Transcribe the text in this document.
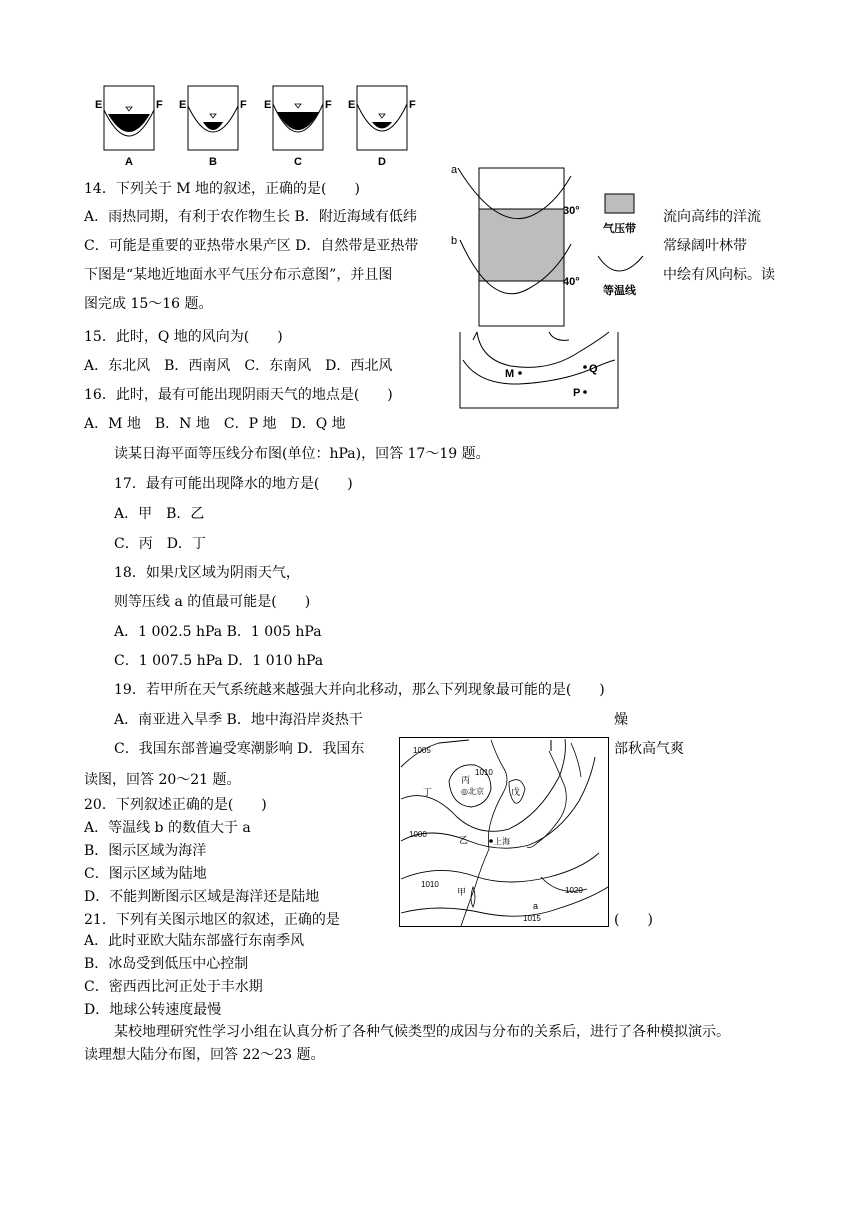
E	F
A
E	F
B
E	F
C
E	F
D
a
b
30°
40°
气压带
等温线
M	Q
P
1005
1010
1000
1010
1015
1020
丙
◎北京	戊
丁
乙	上海
甲
a
14．下列关于 M 地的叙述，正确的是(　　)
A．雨热同期，有利于农作物生长 B．附近海域有低纬	流向高纬的洋流
C．可能是重要的亚热带水果产区 D．自然带是亚热带	常绿阔叶林带
下图是“某地近地面水平气压分布示意图”，并且图	中绘有风向标。读
图完成 15～16 题。
15．此时，Q 地的风向为(　　)
A．东北风　B．西南风　C．东南风　D．西北风
16．此时，最有可能出现阴雨天气的地点是(　　)
A．M 地　B．N 地　C．P 地　D．Q 地
读某日海平面等压线分布图(单位：hPa)，回答 17～19 题。
17．最有可能出现降水的地方是(　　)
A．甲　B．乙
C．丙　D．丁
18．如果戊区域为阴雨天气，
则等压线 a 的值最可能是(　　)
A．1 002.5 hPa B．1 005 hPa
C．1 007.5 hPa D．1 010 hPa
19．若甲所在天气系统越来越强大并向北移动，那么下列现象最可能的是(　　)
A．南亚进入旱季 B．地中海沿岸炎热干	燥
C．我国东部普遍受寒潮影响 D．我国东	部秋高气爽
读图，回答 20～21 题。
20．下列叙述正确的是(　　)
A．等温线 b 的数值大于 a
B．图示区域为海洋
C．图示区域为陆地
D．不能判断图示区域是海洋还是陆地
21．下列有关图示地区的叙述，正确的是	(　　)
A．此时亚欧大陆东部盛行东南季风
B．冰岛受到低压中心控制
C．密西西比河正处于丰水期
D．地球公转速度最慢
某校地理研究性学习小组在认真分析了各种气候类型的成因与分布的关系后，进行了各种模拟演示。
读理想大陆分布图，回答 22～23 题。
